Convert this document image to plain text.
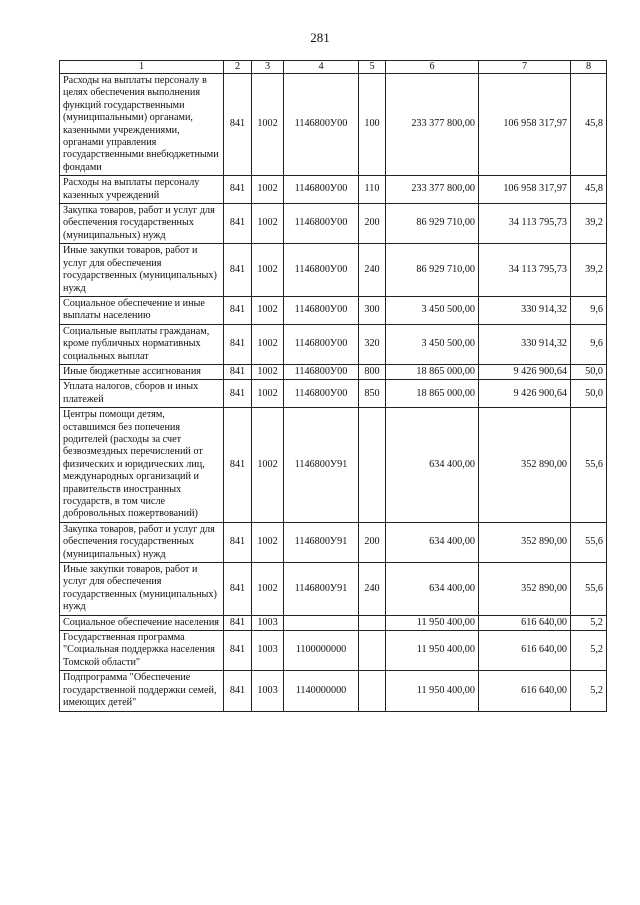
281
1	2	3	4	5	6	7	8
Расходы на выплаты персоналу в целях обеспечения выполнения функций государственными (муниципальными) органами, казенными учреждениями, органами управления государственными внебюджетными фондами	841	1002	1146800У00	100	233 377 800,00	106 958 317,97	45,8
Расходы на выплаты персоналу казенных учреждений	841	1002	1146800У00	110	233 377 800,00	106 958 317,97	45,8
Закупка товаров, работ и услуг для обеспечения государственных (муниципальных) нужд	841	1002	1146800У00	200	86 929 710,00	34 113 795,73	39,2
Иные закупки товаров, работ и услуг для обеспечения государственных (муниципальных) нужд	841	1002	1146800У00	240	86 929 710,00	34 113 795,73	39,2
Социальное обеспечение и иные выплаты населению	841	1002	1146800У00	300	3 450 500,00	330 914,32	9,6
Социальные выплаты гражданам, кроме публичных нормативных социальных выплат	841	1002	1146800У00	320	3 450 500,00	330 914,32	9,6
Иные бюджетные ассигнования	841	1002	1146800У00	800	18 865 000,00	9 426 900,64	50,0
Уплата налогов, сборов и иных платежей	841	1002	1146800У00	850	18 865 000,00	9 426 900,64	50,0
Центры помощи детям, оставшимся без попечения родителей (расходы за счет безвозмездных перечислений от физических и юридических лиц, международных организаций и правительств иностранных государств, в том числе добровольных пожертвований)	841	1002	1146800У91		634 400,00	352 890,00	55,6
Закупка товаров, работ и услуг для обеспечения государственных (муниципальных) нужд	841	1002	1146800У91	200	634 400,00	352 890,00	55,6
Иные закупки товаров, работ и услуг для обеспечения государственных (муниципальных) нужд	841	1002	1146800У91	240	634 400,00	352 890,00	55,6
Социальное обеспечение населения	841	1003			11 950 400,00	616 640,00	5,2
Государственная программа "Социальная поддержка населения Томской области"	841	1003	1100000000		11 950 400,00	616 640,00	5,2
Подпрограмма "Обеспечение государственной поддержки семей, имеющих детей"	841	1003	1140000000		11 950 400,00	616 640,00	5,2
